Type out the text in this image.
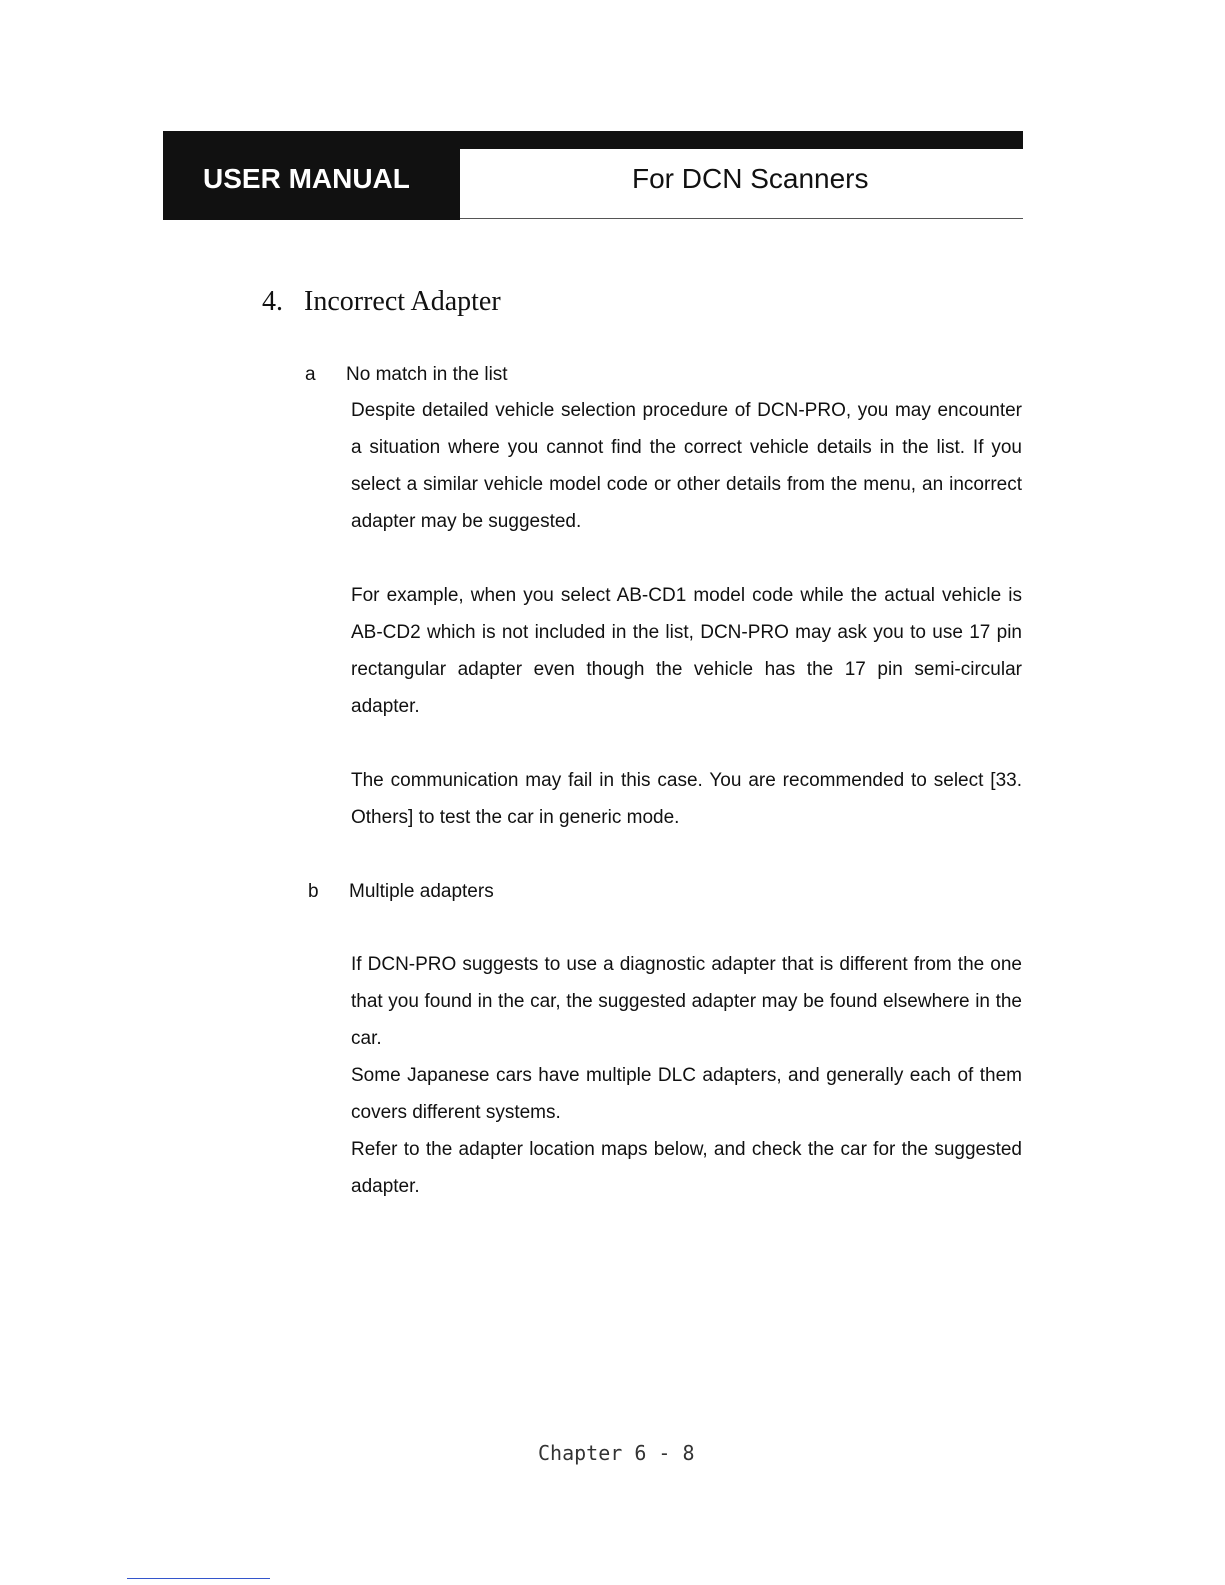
USER MANUAL	For DCN Scanners
4. Incorrect Adapter
a No match in the list

Despite detailed vehicle selection procedure of DCN-PRO, you may encounter a situation where you cannot find the correct vehicle details in the list. If you select a similar vehicle model code or other details from the menu, an incorrect adapter may be suggested.

For example, when you select AB-CD1 model code while the actual vehicle is AB-CD2 which is not included in the list, DCN-PRO may ask you to use 17 pin rectangular adapter even though the vehicle has the 17 pin semi-circular adapter.

The communication may fail in this case. You are recommended to select [33. Others] to test the car in generic mode.

b Multiple adapters

If DCN-PRO suggests to use a diagnostic adapter that is different from the one that you found in the car, the suggested adapter may be found elsewhere in the car.

Some Japanese cars have multiple DLC adapters, and generally each of them covers different systems.

Refer to the adapter location maps below, and check the car for the suggested adapter.

Chapter 6 - 8
